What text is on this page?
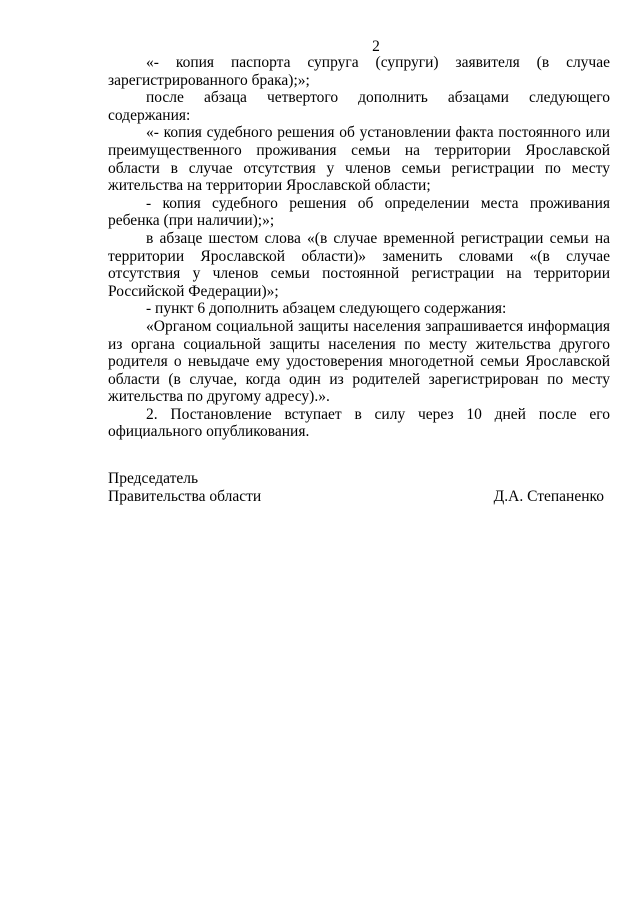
2

«- копия паспорта супруга (супруги) заявителя (в случае зарегистрированного брака);»;

после абзаца четвертого дополнить абзацами следующего содержания:

«- копия судебного решения об установлении факта постоянного или преимущественного проживания семьи на территории Ярославской области в случае отсутствия у членов семьи регистрации по месту жительства на территории Ярославской области;

- копия судебного решения об определении места проживания ребенка (при наличии);»;

в абзаце шестом слова «(в случае временной регистрации семьи на территории Ярославской области)» заменить словами «(в случае отсутствия у членов семьи постоянной регистрации на территории Российской Федерации)»;

- пункт 6 дополнить абзацем следующего содержания:

«Органом социальной защиты населения запрашивается информация из органа социальной защиты населения по месту жительства другого родителя о невыдаче ему удостоверения многодетной семьи Ярославской области (в случае, когда один из родителей зарегистрирован по месту жительства по другому адресу).».

2. Постановление вступает в силу через 10 дней после его официального опубликования.

Председатель
Правительства области	Д.А. Степаненко
